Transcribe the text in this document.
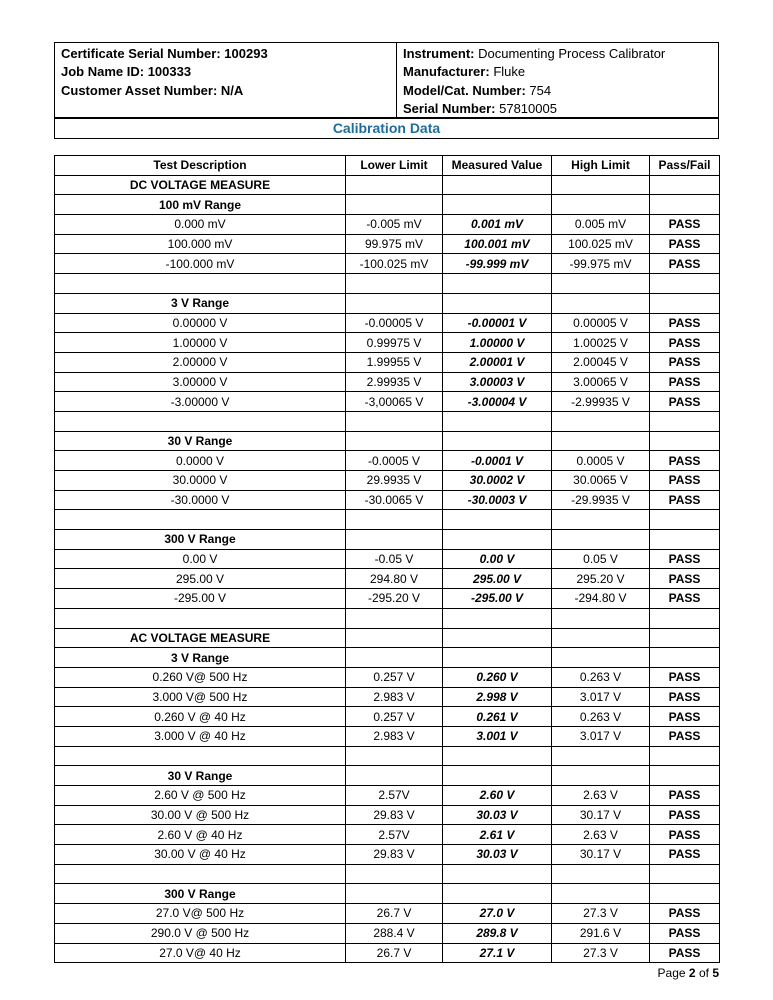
Certificate Serial Number: 100293
Job Name ID: 100333
Customer Asset Number: N/A
Instrument: Documenting Process Calibrator
Manufacturer: Fluke
Model/Cat. Number: 754
Serial Number: 57810005
Calibration Data
Test Description	Lower Limit	Measured Value	High Limit	Pass/Fail
DC VOLTAGE MEASURE				
100 mV Range				
0.000 mV	-0.005 mV	0.001 mV	0.005 mV	PASS
100.000 mV	99.975 mV	100.001 mV	100.025 mV	PASS
-100.000 mV	-100.025 mV	-99.999 mV	-99.975 mV	PASS

3 V Range				
0.00000 V	-0.00005 V	-0.00001 V	0.00005 V	PASS
1.00000 V	0.99975 V	1.00000 V	1.00025 V	PASS
2.00000 V	1.99955 V	2.00001 V	2.00045 V	PASS
3.00000 V	2.99935 V	3.00003 V	3.00065 V	PASS
-3.00000 V	-3,00065 V	-3.00004 V	-2.99935 V	PASS

30 V Range				
0.0000 V	-0.0005 V	-0.0001 V	0.0005 V	PASS
30.0000 V	29.9935 V	30.0002 V	30.0065 V	PASS
-30.0000 V	-30.0065 V	-30.0003 V	-29.9935 V	PASS

300 V Range				
0.00 V	-0.05 V	0.00 V	0.05 V	PASS
295.00 V	294.80 V	295.00 V	295.20 V	PASS
-295.00 V	-295.20 V	-295.00 V	-294.80 V	PASS

AC VOLTAGE MEASURE				
3 V Range				
0.260 V@ 500 Hz	0.257 V	0.260 V	0.263 V	PASS
3.000 V@ 500 Hz	2.983 V	2.998 V	3.017 V	PASS
0.260 V @ 40 Hz	0.257 V	0.261 V	0.263 V	PASS
3.000 V @ 40 Hz	2.983 V	3.001 V	3.017 V	PASS

30 V Range				
2.60 V @ 500 Hz	2.57V	2.60 V	2.63 V	PASS
30.00 V @ 500 Hz	29.83 V	30.03 V	30.17 V	PASS
2.60 V @ 40 Hz	2.57V	2.61 V	2.63 V	PASS
30.00 V @ 40 Hz	29.83 V	30.03 V	30.17 V	PASS

300 V Range				
27.0 V@ 500 Hz	26.7 V	27.0 V	27.3 V	PASS
290.0 V @ 500 Hz	288.4 V	289.8 V	291.6 V	PASS
27.0 V@ 40 Hz	26.7 V	27.1 V	27.3 V	PASS
Page 2 of 5
